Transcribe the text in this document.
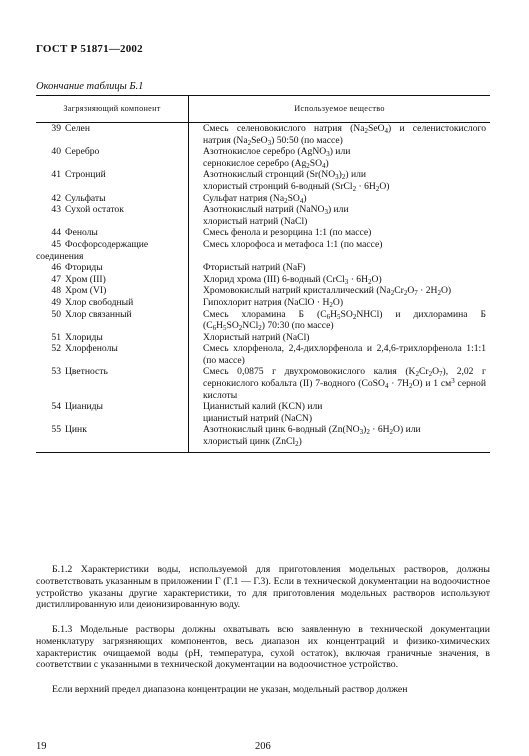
ГОСТ Р 51871—2002
Окончание таблицы Б.1
Загрязняющий компонент	Используемое вещество
39 Селен	Смесь селеновокислого натрия $(Na_2SeO_4)$ и селенистокислого натрия $(Na_2SeO_3)$ 50:50 (по массе)
40 Серебро	Азотнокислое серебро (AgNO$_3$) или
сернокислое серебро $(Ag_2SO_4)$
41 Стронций	Азотнокислый стронций $(Sr(NO_3)_2)$ или
хлористый стронций 6-водный (SrCl$_2$ · $6H_2O$)
42 Сульфаты	Сульфат натрия $(Na_2SO_4)$
43 Сухой остаток	Азотнокислый натрий (NaNO$_3$) или
хлористый натрий (NaCl)
44 Фенолы	Смесь фенола и резорцина 1:1 (по массе)
45 Фосфорсодержащие соединения	Смесь хлорофоса и метафоса 1:1 (по массе)
46 Фториды	Фтористый натрий (NaF)
47 Хром (III)	Хлорид хрома (III) 6-водный (CrCl$_3$ · $6H_2O$)
48 Хром (VI)	Хромовокислый натрий кристаллический $(Na_2Cr_2O_7 \cdot 2H_2O)$
49 Хлор свободный	Гипохлорит натрия (NaClO · $H_2O$)
50 Хлор связанный	Смесь хлорамина Б $(C_6H_5SO_2NHCl)$ и дихлорамина Б $(C_6H_5SO_2NCl_2)$ 70:30 (по массе)
51 Хлориды	Хлористый натрий (NaCl)
52 Хлорфенолы	Смесь хлорфенола, 2,4-дихлорфенола и 2,4,6-трихлорфенола 1:1:1 (по массе)
53 Цветность	Смесь 0,0875 г двухромовокислого калия $(K_2Cr_2O_7)$, 2,02 г сернокислого кобальта (II) 7-водного (CoSO$_4$ · $7H_2O$) и 1 $см^3$ серной кислоты
54 Цианиды	Цианистый калий (KCN) или
цианистый натрий (NaCN)
55 Цинк	Азотнокислый цинк 6-водный $(Zn(NO_3)_2 \cdot 6H_2O)$ или
хлористый цинк (ZnCl$_2$)

Б.1.2 Характеристики воды, используемой для приготовления модельных растворов, должны соответствовать указанным в приложении Г (Г.1 — Г.3). Если в технической документации на водоочистное устройство указаны другие характеристики, то для приготовления модельных растворов используют дистиллированную или деионизированную воду.

Б.1.3 Модельные растворы должны охватывать всю заявленную в технической документации номенклатуру загрязняющих компонентов, весь диапазон их концентраций и физико-химических характеристик очищаемой воды (рН, температура, сухой остаток), включая граничные значения, в соответствии с указанными в технической документации на водоочистное устройство.

Если верхний предел диапазона концентрации не указан, модельный раствор должен

19	206
